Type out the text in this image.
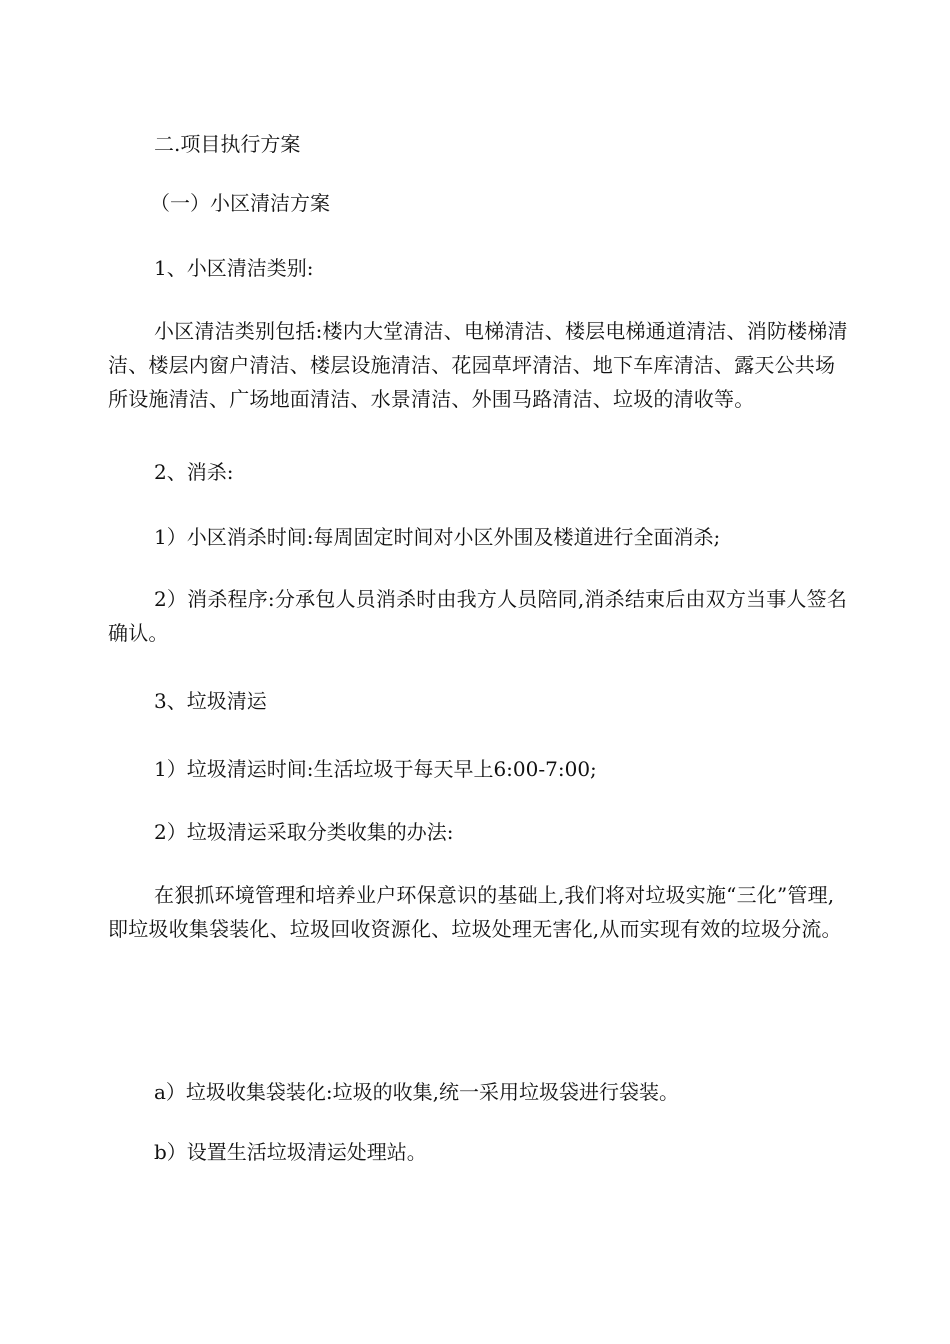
二.项目执行方案
（一）小区清洁方案
1、小区清洁类别:
小区清洁类别包括:楼内大堂清洁、电梯清洁、楼层电梯通道清洁、消防楼梯清洁、楼层内窗户清洁、楼层设施清洁、花园草坪清洁、地下车库清洁、露天公共场所设施清洁、广场地面清洁、水景清洁、外围马路清洁、垃圾的清收等。
2、消杀:
1）小区消杀时间:每周固定时间对小区外围及楼道进行全面消杀;
2）消杀程序:分承包人员消杀时由我方人员陪同,消杀结束后由双方当事人签名确认。
3、垃圾清运
1）垃圾清运时间:生活垃圾于每天早上6:00-7:00;
2）垃圾清运采取分类收集的办法:
在狠抓环境管理和培养业户环保意识的基础上,我们将对垃圾实施“三化”管理,即垃圾收集袋装化、垃圾回收资源化、垃圾处理无害化,从而实现有效的垃圾分流。
a）垃圾收集袋装化:垃圾的收集,统一采用垃圾袋进行袋装。
b）设置生活垃圾清运处理站。
